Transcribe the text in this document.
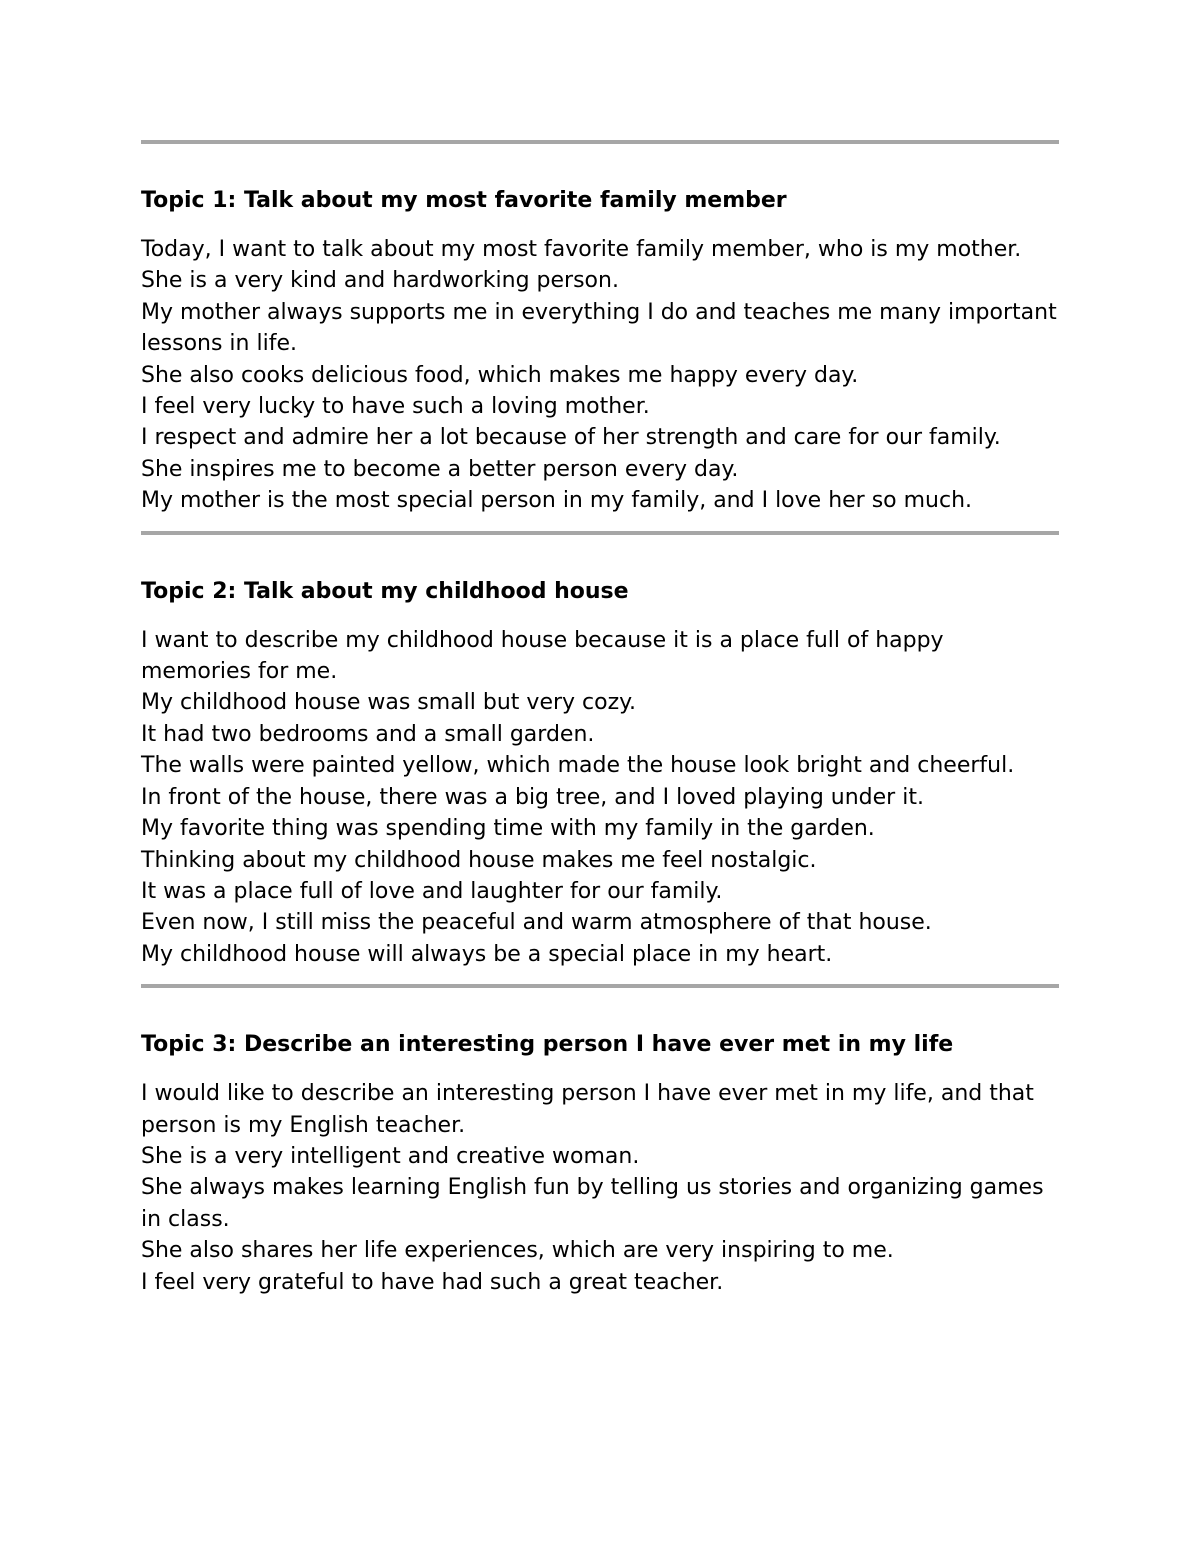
Topic 1: Talk about my most favorite family member

Today, I want to talk about my most favorite family member, who is my mother.

She is a very kind and hardworking person.

My mother always supports me in everything I do and teaches me many important lessons in life.

She also cooks delicious food, which makes me happy every day.

I feel very lucky to have such a loving mother.

I respect and admire her a lot because of her strength and care for our family.

She inspires me to become a better person every day.

My mother is the most special person in my family, and I love her so much.

Topic 2: Talk about my childhood house

I want to describe my childhood house because it is a place full of happy memories for me.

My childhood house was small but very cozy.

It had two bedrooms and a small garden.

The walls were painted yellow, which made the house look bright and cheerful.

In front of the house, there was a big tree, and I loved playing under it.

My favorite thing was spending time with my family in the garden.

Thinking about my childhood house makes me feel nostalgic.

It was a place full of love and laughter for our family.

Even now, I still miss the peaceful and warm atmosphere of that house.

My childhood house will always be a special place in my heart.

Topic 3: Describe an interesting person I have ever met in my life

I would like to describe an interesting person I have ever met in my life, and that person is my English teacher.

She is a very intelligent and creative woman.

She always makes learning English fun by telling us stories and organizing games in class.

She also shares her life experiences, which are very inspiring to me.

I feel very grateful to have had such a great teacher.
